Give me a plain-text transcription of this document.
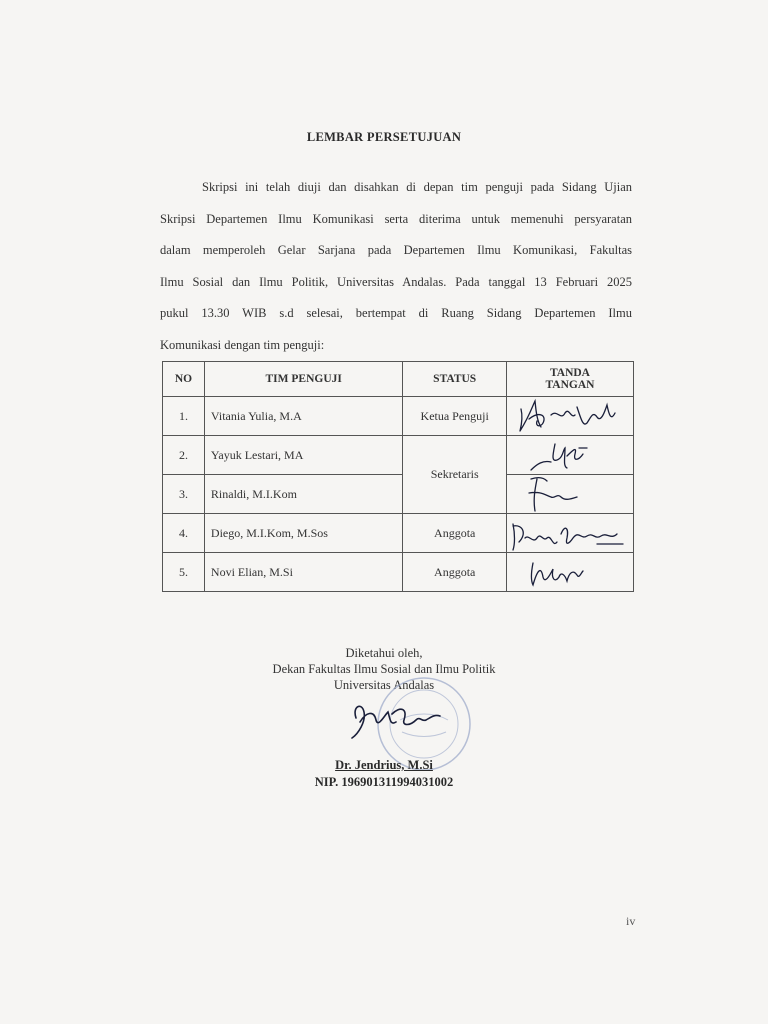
LEMBAR PERSETUJUAN
Skripsi ini telah diuji dan disahkan di depan tim penguji pada Sidang Ujian
Skripsi Departemen Ilmu Komunikasi serta diterima untuk memenuhi persyaratan
dalam memperoleh Gelar Sarjana pada Departemen Ilmu Komunikasi, Fakultas
Ilmu Sosial dan Ilmu Politik, Universitas Andalas. Pada tanggal 13 Februari 2025
pukul 13.30 WIB s.d selesai, bertempat di Ruang Sidang Departemen Ilmu
Komunikasi dengan tim penguji:
NO	TIM PENGUJI	STATUS	TANDA
TANGAN
1.	Vitania Yulia, M.A	Ketua Penguji	

2.	Yayuk Lestari, MA	Sekretaris	

3.	Rinaldi, M.I.Kom	

4.	Diego, M.I.Kom, M.Sos	Anggota	

5.	Novi Elian, M.Si	Anggota	
Diketahui oleh,
Dekan Fakultas Ilmu Sosial dan Ilmu Politik
Universitas Andalas
Dr. Jendrius, M.Si
NIP. 196901311994031002
iv
